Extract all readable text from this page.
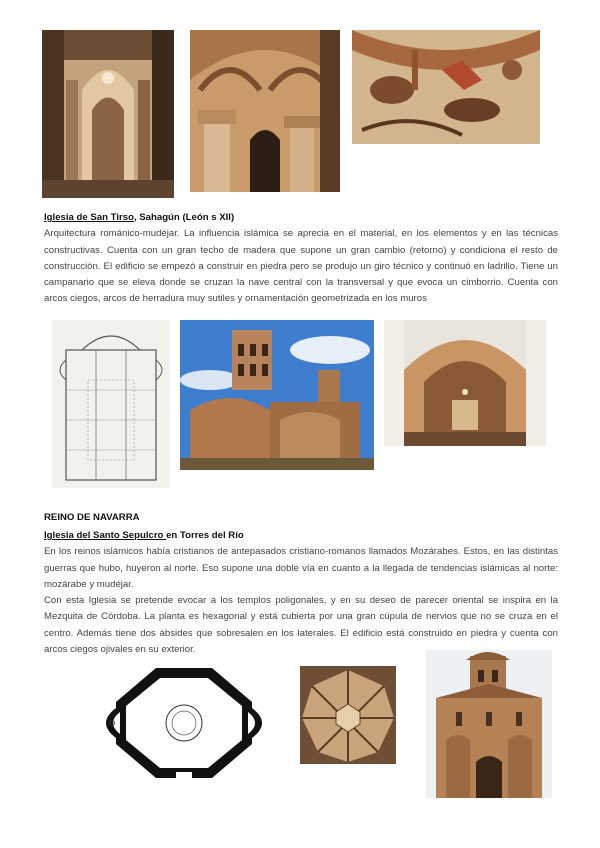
Iglesia de San Tirso, Sahagún (León s XII)

Arquitectura románico-mudéjar. La influencia islámica se aprecia en el material, en los elementos y en las técnicas constructivas. Cuenta con un gran techo de madera que supone un gran cambio (retorno) y condiciona el resto de construcción. El edificio se empezó a construir en piedra pero se produjo un giro técnico y continuó en ladrillo. Tiene un campanario que se eleva donde se cruzan la nave central con la transversal y que evoca un cimborrio. Cuenta con arcos ciegos, arcos de herradura muy sutiles y ornamentación geometrizada en los muros

REINO DE NAVARRA

Iglesia del Santo Sepulcro en Torres del Río

En los reinos islámicos había cristianos de antepasados cristiano-romanos llamados Mozárabes. Estos, en las distintas guerras que hubo, huyeron al norte. Eso supone una doble vía en cuanto a la llegada de tendencias islámicas al norte: mozárabe y mudéjar.

Con esta Iglesia se pretende evocar a los templos poligonales, y en su deseo de parecer oriental se inspira en la Mezquita de Córdoba. La planta es hexagonal y está cubierta por una gran cúpula de nervios que no se cruza en el centro. Además tiene dos ábsides que sobresalen en los laterales. El edificio está construido en piedra y cuenta con arcos ciegos ojivales en su exterior.
